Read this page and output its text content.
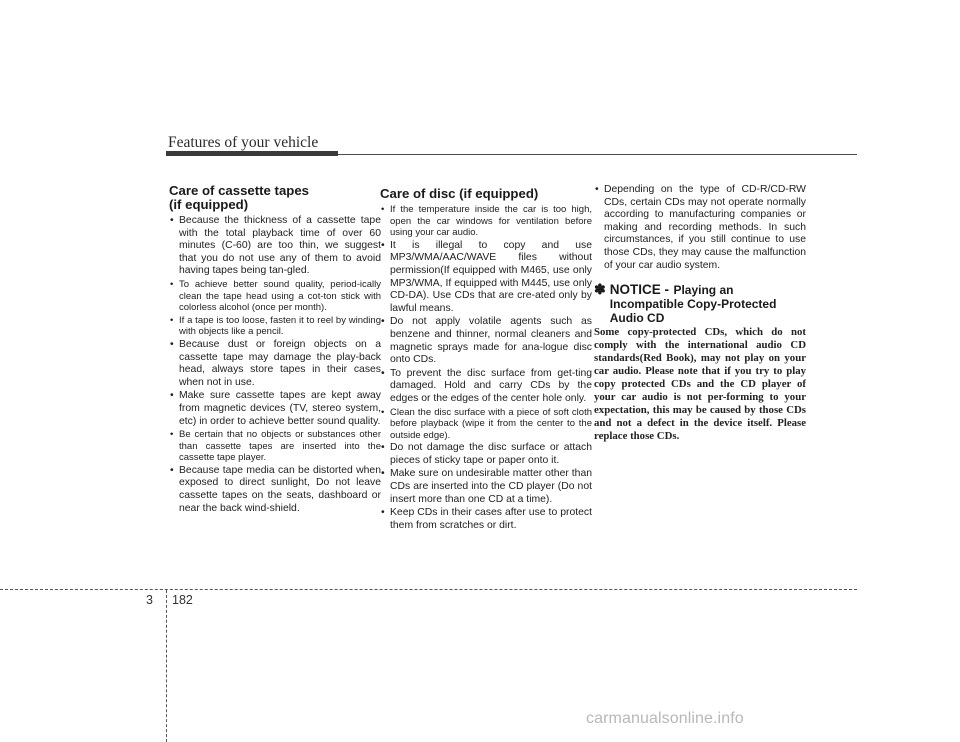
Features of your vehicle
Care of cassette tapes
(if equipped)
• Because the thickness of a cassette tape with the total playback time of over 60 minutes (C-60) are too thin, we suggest that you do not use any of them to avoid having tapes being tan-gled.
• To achieve better sound quality, period-ically clean the tape head using a cot-ton stick with colorless alcohol (once per month).
• If a tape is too loose, fasten it to reel by winding with objects like a pencil.
• Because dust or foreign objects on a cassette tape may damage the play-back head, always store tapes in their cases when not in use.
• Make sure cassette tapes are kept away from magnetic devices (TV, stereo system, etc) in order to achieve better sound quality.
• Be certain that no objects or substances other than cassette tapes are inserted into the cassette tape player.
• Because tape media can be distorted when exposed to direct sunlight, Do not leave cassette tapes on the seats, dashboard or near the back wind-shield.
Care of disc (if equipped)
• If the temperature inside the car is too high, open the car windows for ventilation before using your car audio.
• It is illegal to copy and use MP3/WMA/AAC/WAVE files without permission(If equipped with M465, use only MP3/WMA, If equipped with M445, use only CD-DA). Use CDs that are cre-ated only by lawful means.
• Do not apply volatile agents such as benzene and thinner, normal cleaners and magnetic sprays made for ana-logue disc onto CDs.
• To prevent the disc surface from get-ting damaged. Hold and carry CDs by the edges or the edges of the center hole only.
• Clean the disc surface with a piece of soft cloth before playback (wipe it from the center to the outside edge).
• Do not damage the disc surface or attach pieces of sticky tape or paper onto it.
• Make sure on undesirable matter other than CDs are inserted into the CD player (Do not insert more than one CD at a time).
• Keep CDs in their cases after use to protect them from scratches or dirt.
• Depending on the type of CD-R/CD-RW CDs, certain CDs may not operate normally according to manufacturing companies or making and recording methods. In such circumstances, if you still continue to use those CDs, they may cause the malfunction of your car audio system.
✽ NOTICE - Playing an Incompatible Copy-Protected Audio CD
Some copy-protected CDs, which do not comply with the international audio CD standards(Red Book), may not play on your car audio. Please note that if you try to play copy protected CDs and the CD player of your car audio is not per-forming to your expectation, this may be caused by those CDs and not a defect in the device itself. Please replace those CDs.
3 182
carmanualsonline.info
